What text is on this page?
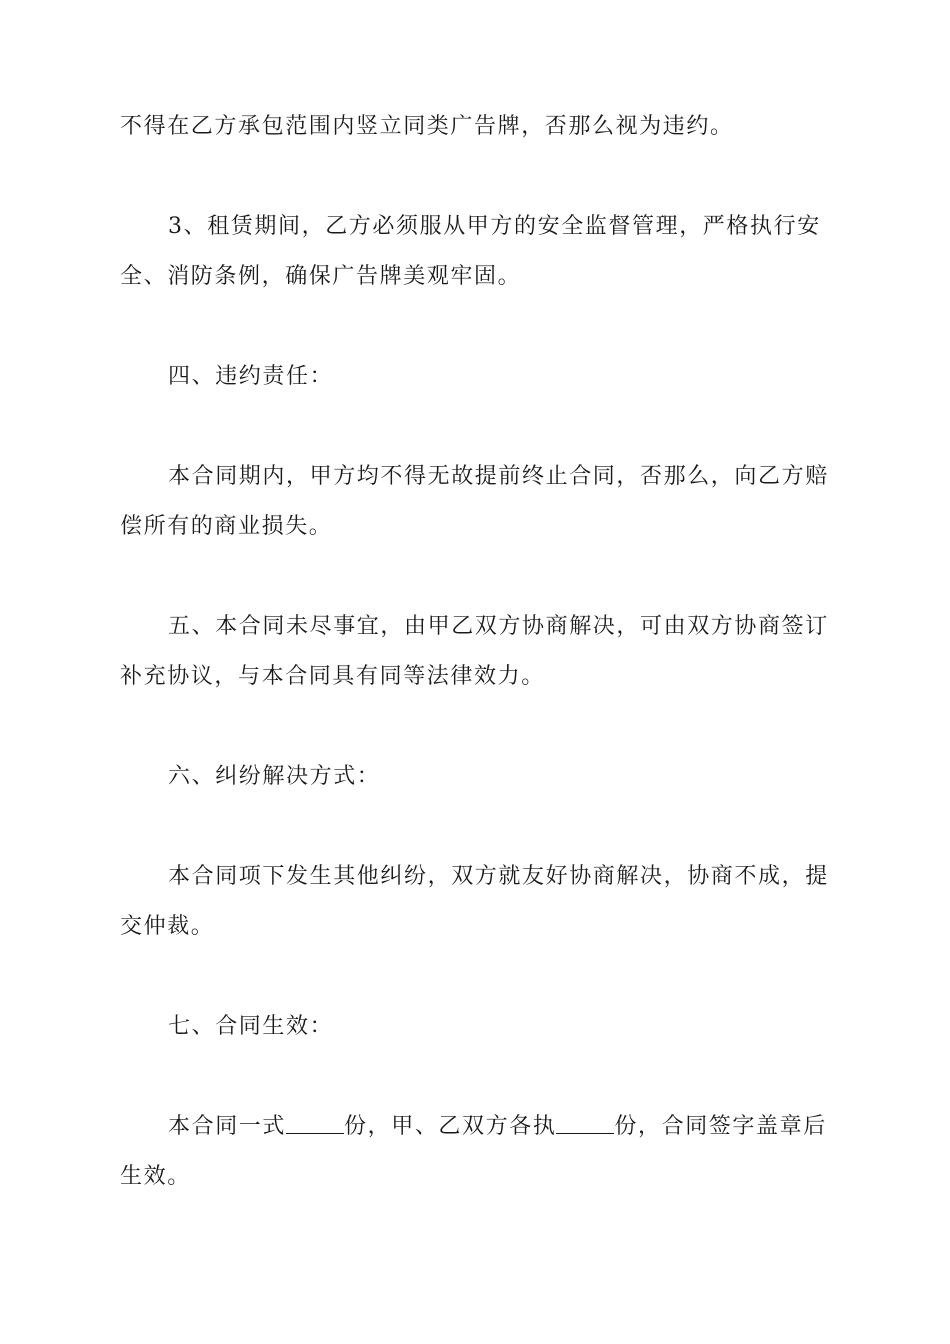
不得在乙方承包范围内竖立同类广告牌，否那么视为违约。
3、租赁期间，乙方必须服从甲方的安全监督管理，严格执行安全、消防条例，确保广告牌美观牢固。
四、违约责任：
本合同期内，甲方均不得无故提前终止合同，否那么，向乙方赔偿所有的商业损失。
五、本合同未尽事宜，由甲乙双方协商解决，可由双方协商签订补充协议，与本合同具有同等法律效力。
六、纠纷解决方式：
本合同项下发生其他纠纷，双方就友好协商解决，协商不成，提交仲裁。
七、合同生效：
本合同一式	份，甲、乙双方各执	份，合同签字盖章后生效。
